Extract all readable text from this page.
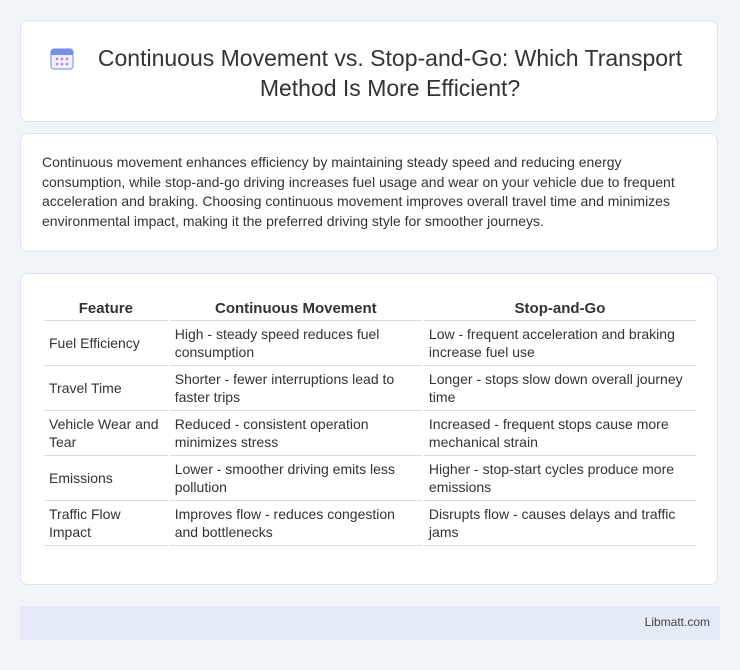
Continuous Movement vs. Stop-and-Go: Which Transport Method Is More Efficient?

Continuous movement enhances efficiency by maintaining steady speed and reducing energy consumption, while stop-and-go driving increases fuel usage and wear on your vehicle due to frequent acceleration and braking. Choosing continuous movement improves overall travel time and minimizes environmental impact, making it the preferred driving style for smoother journeys.

Feature	Continuous Movement	Stop-and-Go
Fuel Efficiency	High - steady speed reduces fuel consumption	Low - frequent acceleration and braking increase fuel use
Travel Time	Shorter - fewer interruptions lead to faster trips	Longer - stops slow down overall journey time
Vehicle Wear and Tear	Reduced - consistent operation minimizes stress	Increased - frequent stops cause more mechanical strain
Emissions	Lower - smoother driving emits less pollution	Higher - stop-start cycles produce more emissions
Traffic Flow Impact	Improves flow - reduces congestion and bottlenecks	Disrupts flow - causes delays and traffic jams
Libmatt.com
